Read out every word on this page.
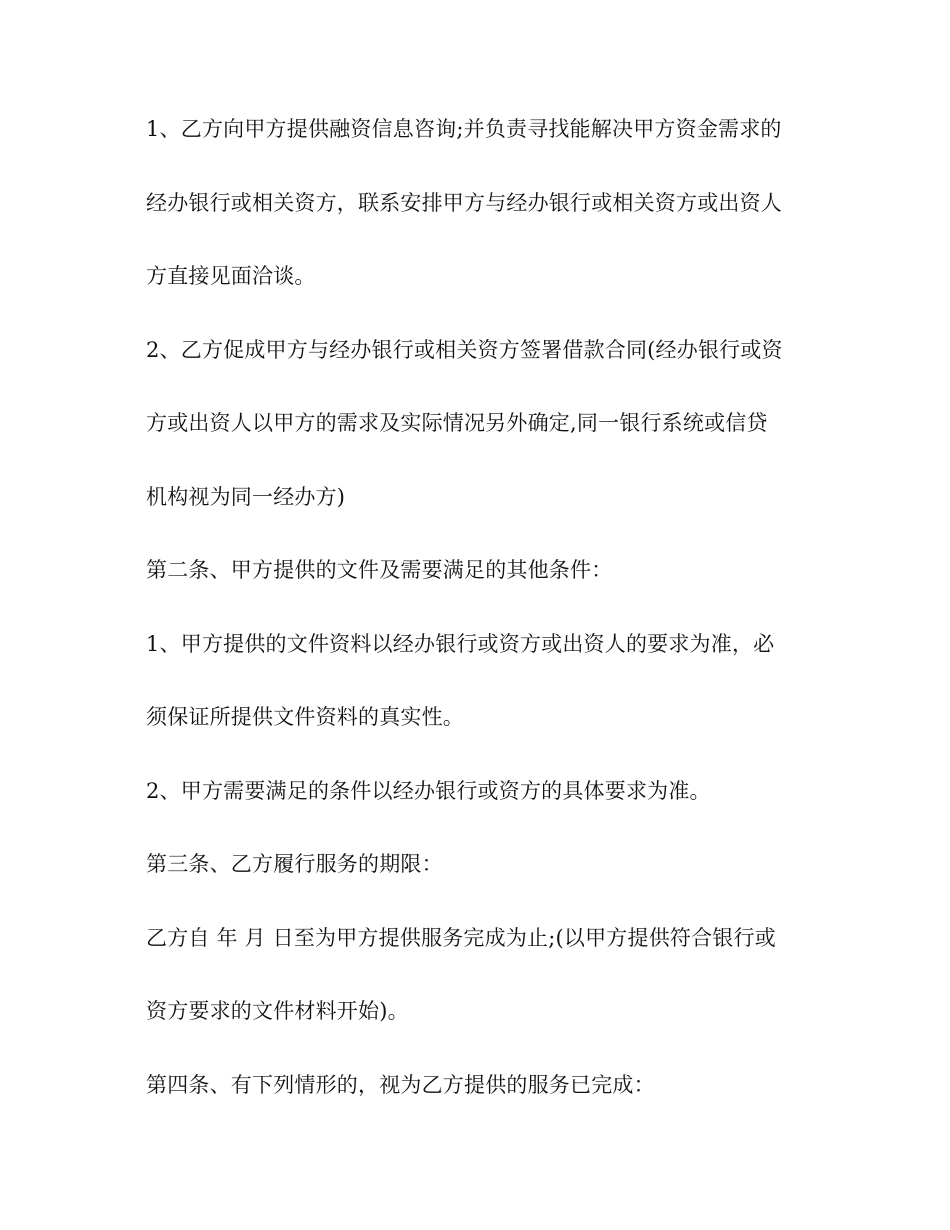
1、乙方向甲方提供融资信息咨询;并负责寻找能解决甲方资金需求的

经办银行或相关资方，联系安排甲方与经办银行或相关资方或出资人

方直接见面洽谈。

2、乙方促成甲方与经办银行或相关资方签署借款合同(经办银行或资

方或出资人以甲方的需求及实际情况另外确定,同一银行系统或信贷

机构视为同一经办方)

第二条、甲方提供的文件及需要满足的其他条件：

1、甲方提供的文件资料以经办银行或资方或出资人的要求为准，必

须保证所提供文件资料的真实性。

2、甲方需要满足的条件以经办银行或资方的具体要求为准。

第三条、乙方履行服务的期限：

乙方自 年 月 日至为甲方提供服务完成为止;(以甲方提供符合银行或

资方要求的文件材料开始)。

第四条、有下列情形的，视为乙方提供的服务已完成：
